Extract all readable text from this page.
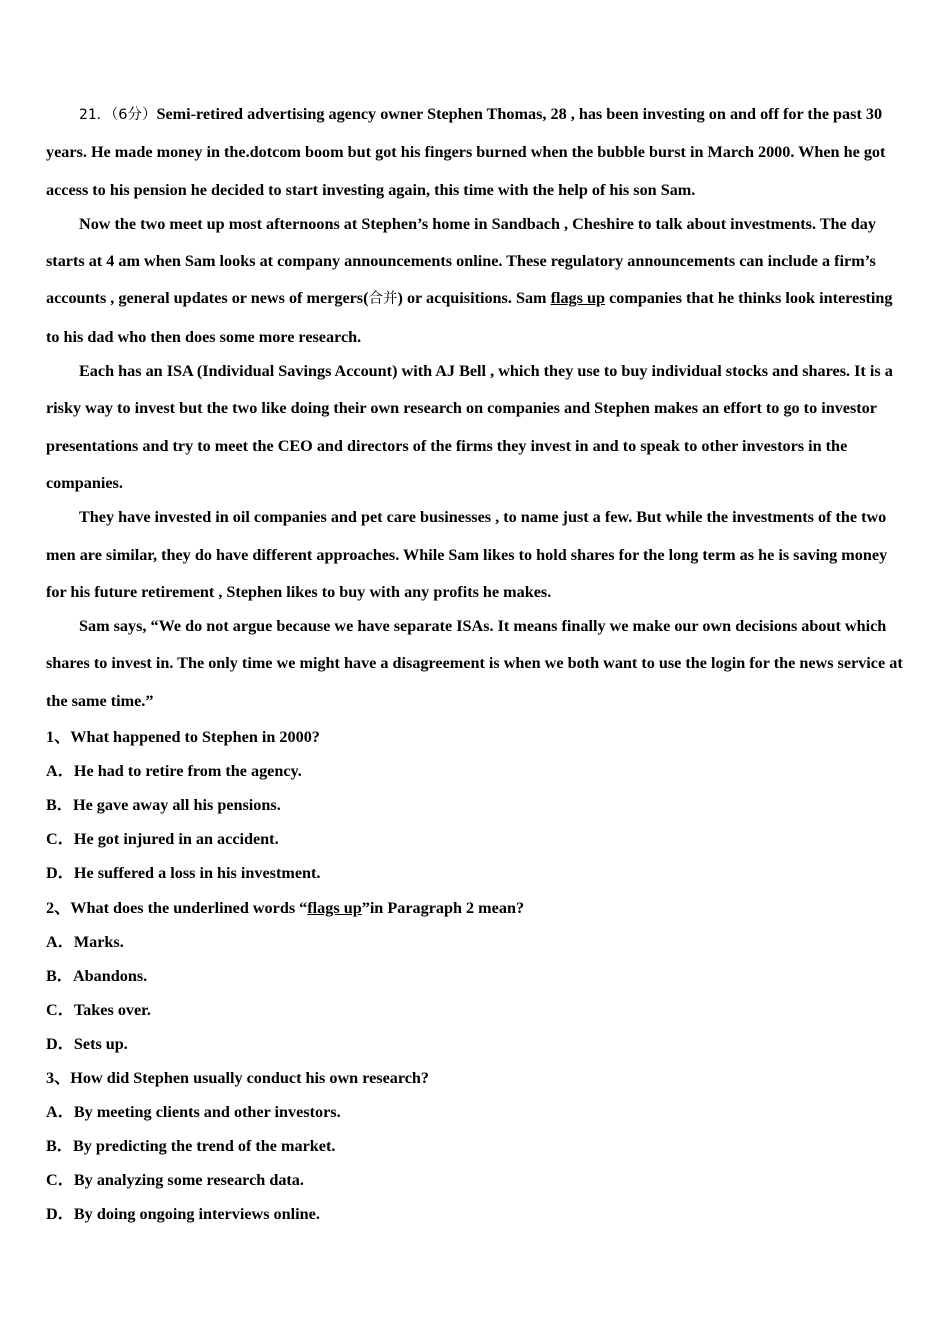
21．（6分）Semi-retired advertising agency owner Stephen Thomas, 28 , has been investing on and off for the past 30 years. He made money in the.dotcom boom but got his fingers burned when the bubble burst in March 2000. When he got access to his pension he decided to start investing again, this time with the help of his son Sam.
Now the two meet up most afternoons at Stephen’s home in Sandbach , Cheshire to talk about investments. The day starts at 4 am when Sam looks at company announcements online. These regulatory announcements can include a firm’s accounts , general updates or news of mergers(合并) or acquisitions. Sam flags up companies that he thinks look interesting to his dad who then does some more research.
Each has an ISA (Individual Savings Account) with AJ Bell , which they use to buy individual stocks and shares. It is a risky way to invest but the two like doing their own research on companies and Stephen makes an effort to go to investor presentations and try to meet the CEO and directors of the firms they invest in and to speak to other investors in the companies.
They have invested in oil companies and pet care businesses , to name just a few. But while the investments of the two men are similar, they do have different approaches. While Sam likes to hold shares for the long term as he is saving money for his future retirement , Stephen likes to buy with any profits he makes.
Sam says, “We do not argue because we have separate ISAs. It means finally we make our own decisions about which shares to invest in. The only time we might have a disagreement is when we both want to use the login for the news service at the same time.”
1、What happened to Stephen in 2000?
A．He had to retire from the agency.
B．He gave away all his pensions.
C．He got injured in an accident.
D．He suffered a loss in his investment.
2、What does the underlined words “flags up”in Paragraph 2 mean?
A．Marks.
B．Abandons.
C．Takes over.
D．Sets up.
3、How did Stephen usually conduct his own research?
A．By meeting clients and other investors.
B．By predicting the trend of the market.
C．By analyzing some research data.
D．By doing ongoing interviews online.
